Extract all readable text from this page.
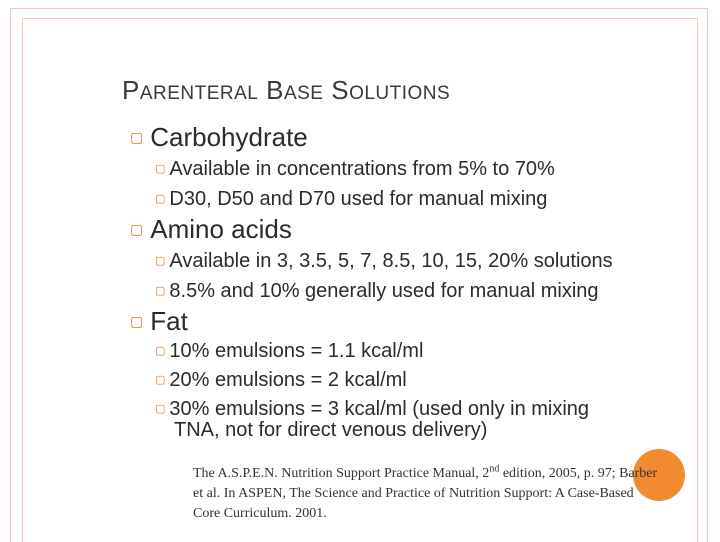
PARENTERAL BASE SOLUTIONS
▢ Carbohydrate
▢ Available in concentrations from 5% to 70%
▢ D30, D50 and D70 used for manual mixing
▢ Amino acids
▢ Available in 3, 3.5, 5, 7, 8.5, 10, 15, 20% solutions
▢ 8.5% and 10% generally used for manual mixing
▢ Fat
▢ 10% emulsions = 1.1 kcal/ml
▢ 20% emulsions = 2 kcal/ml
▢ 30% emulsions = 3 kcal/ml (used only in mixing
TNA, not for direct venous delivery)
The A.S.P.E.N. Nutrition Support Practice Manual, 2nd edition, 2005, p. 97; Barber et al. In ASPEN, The Science and Practice of Nutrition Support: A Case-Based Core Curriculum. 2001.
